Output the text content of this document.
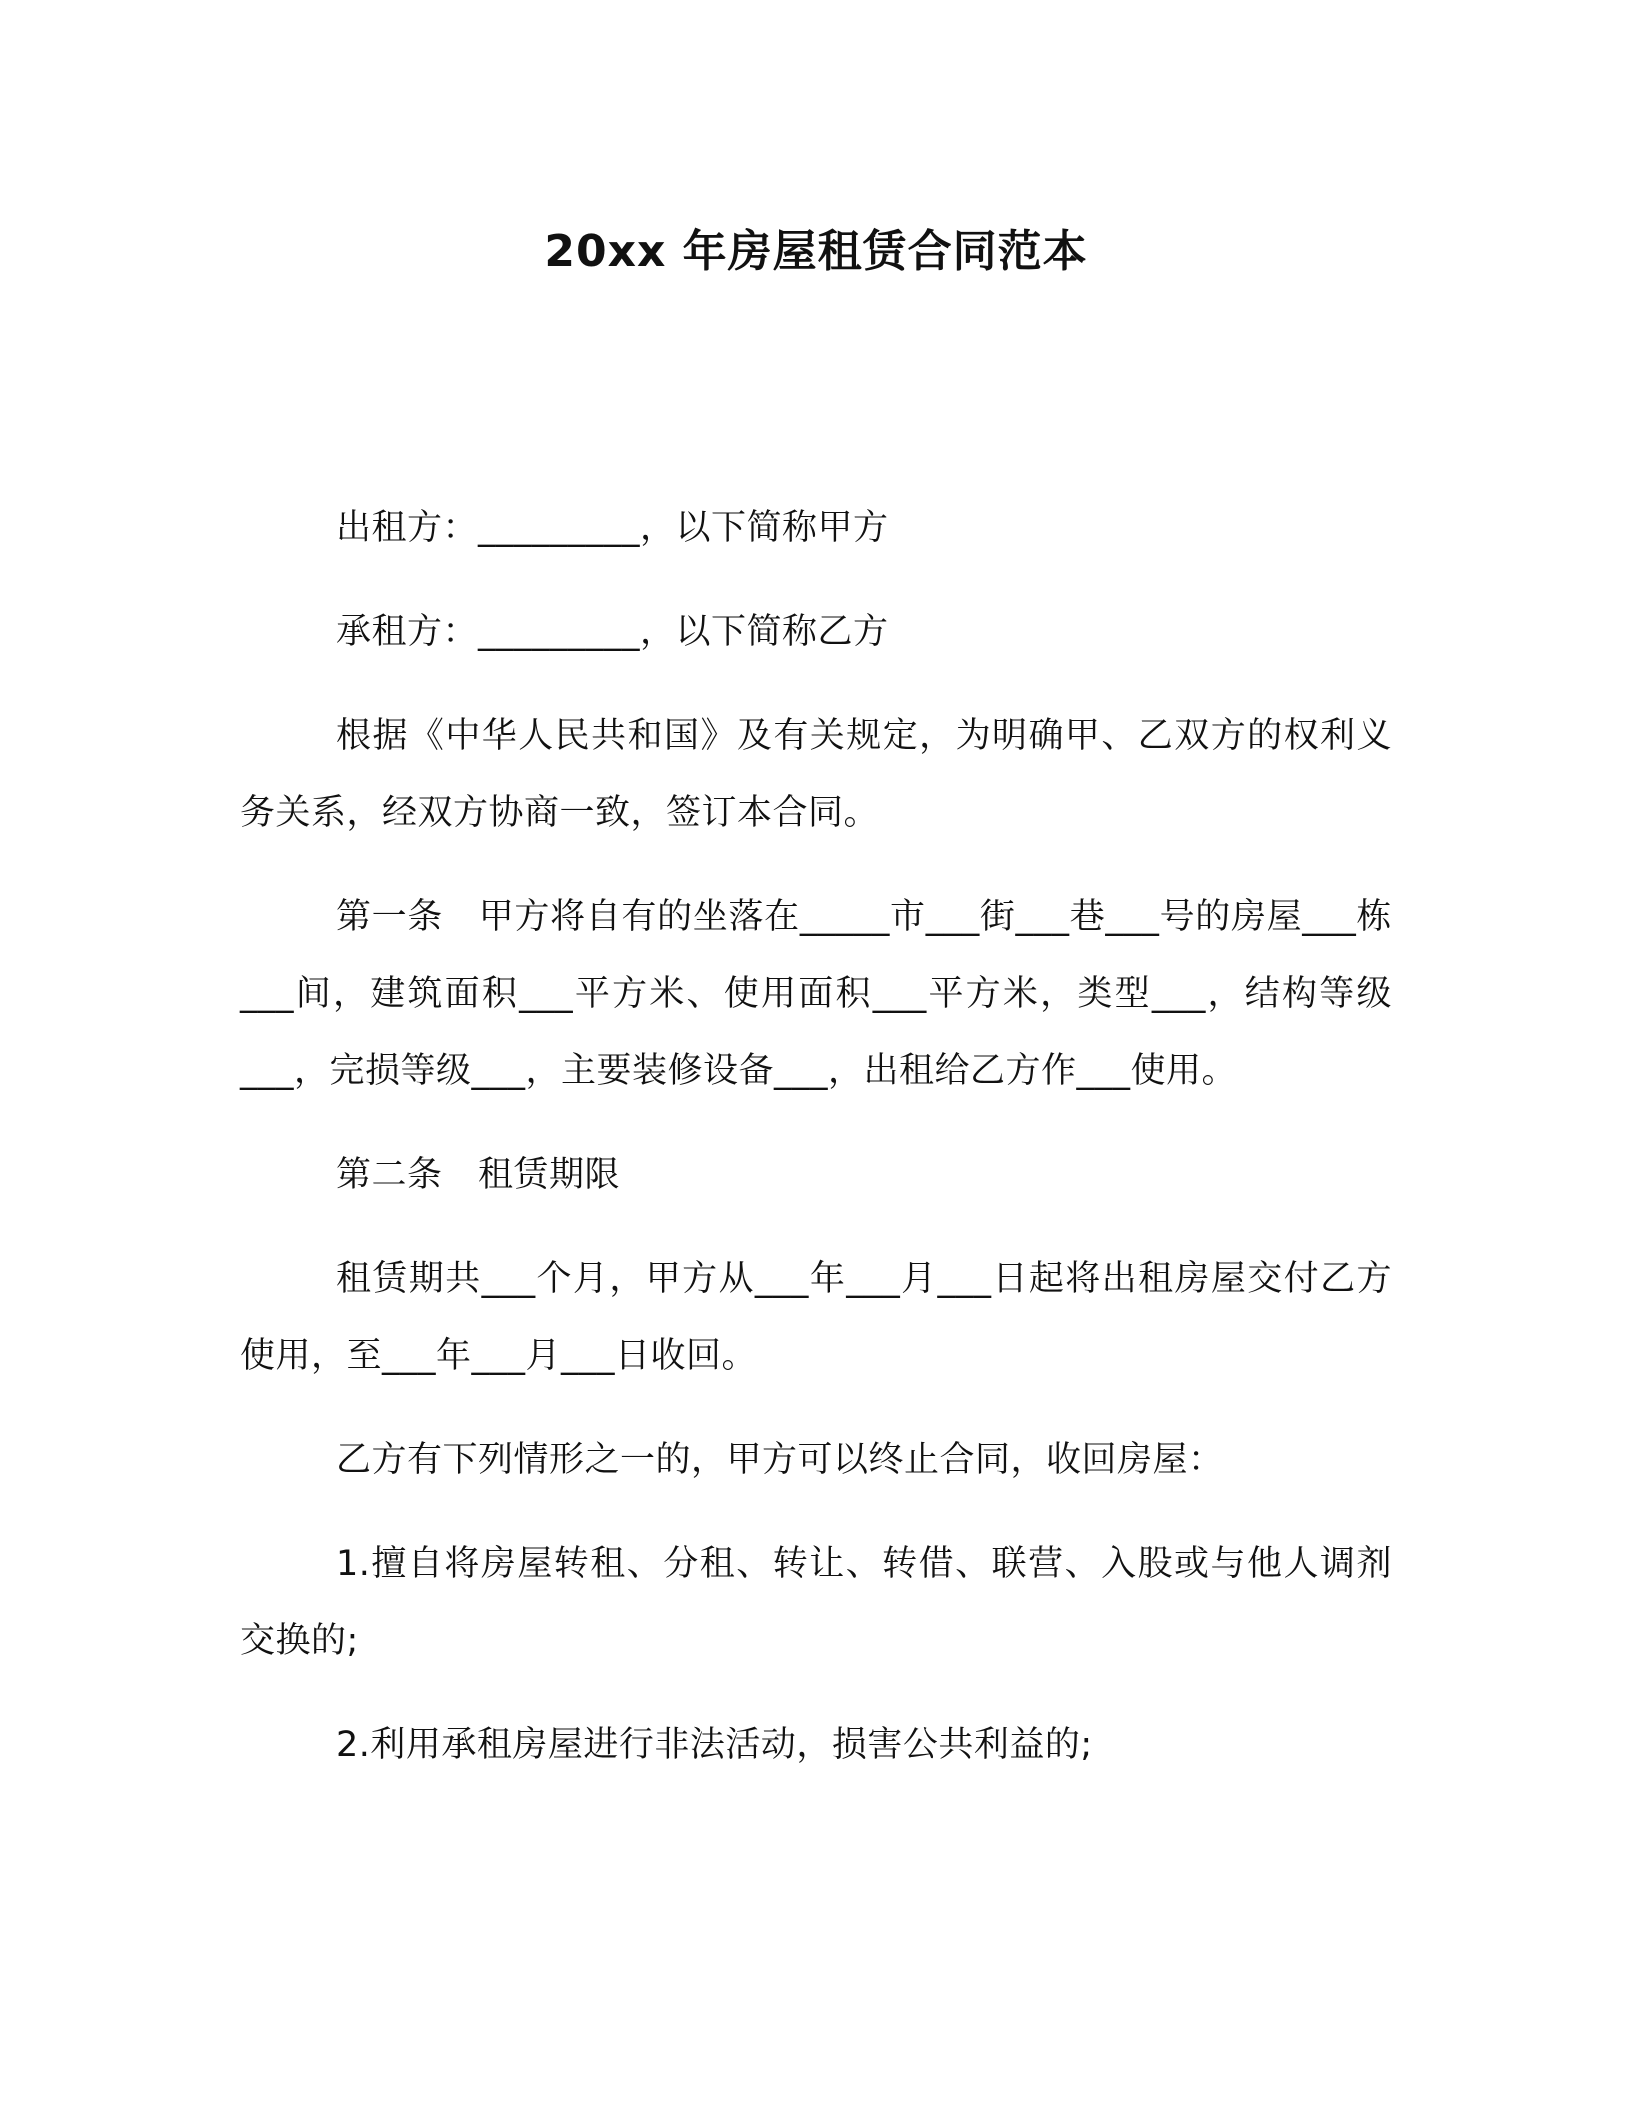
20xx 年房屋租赁合同范本

出租方：_________，以下简称甲方

承租方：_________，以下简称乙方

根据《中华人民共和国》及有关规定，为明确甲、乙双方的权利义务关系，经双方协商一致，签订本合同。

第一条　甲方将自有的坐落在_____市___街___巷___号的房屋___栋___间，建筑面积___平方米、使用面积___平方米，类型___，结构等级___，完损等级___，主要装修设备___，出租给乙方作___使用。

第二条　租赁期限

租赁期共___个月，甲方从___年___月___日起将出租房屋交付乙方使用，至___年___月___日收回。

乙方有下列情形之一的，甲方可以终止合同，收回房屋：

1.擅自将房屋转租、分租、转让、转借、联营、入股或与他人调剂交换的;

2.利用承租房屋进行非法活动，损害公共利益的;
